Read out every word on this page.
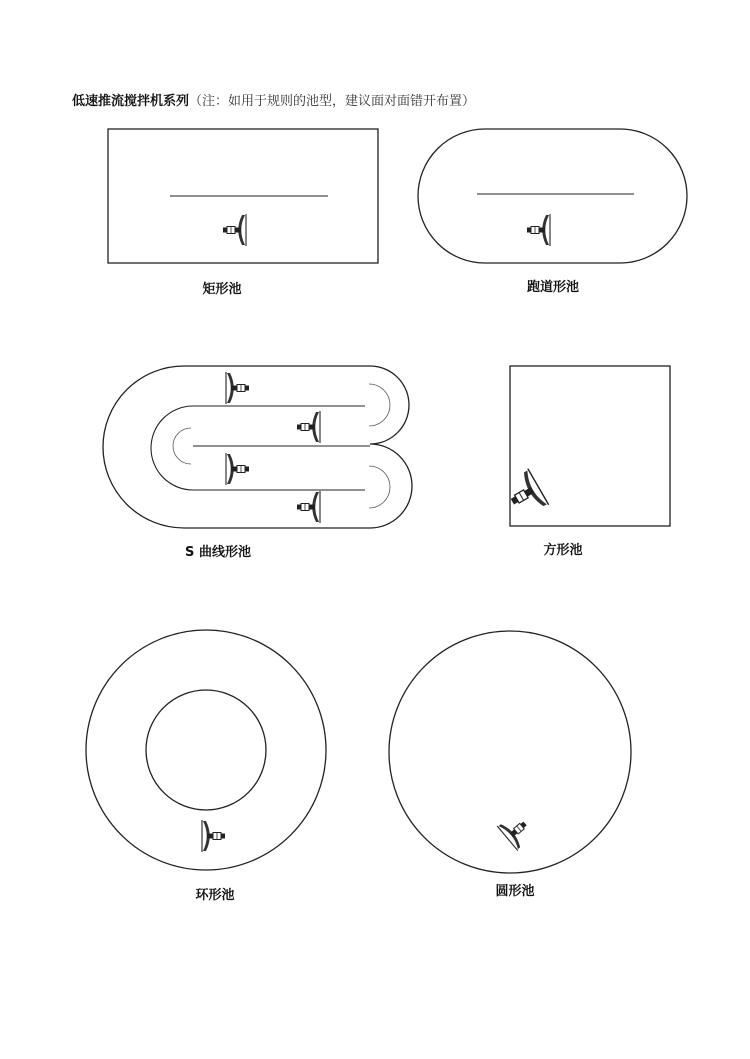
低速推流搅拌机系列（注：如用于规则的池型，建议面对面错开布置）
矩形池	跑道形池
S 曲线形池	方形池
环形池	圆形池
